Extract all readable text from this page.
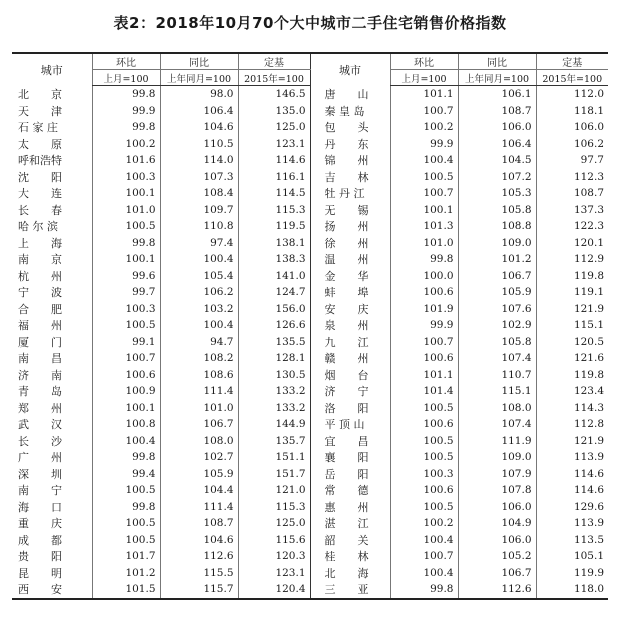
表2：2018年10月70个大中城市二手住宅销售价格指数
城市	环比	同比	定基	城市	环比	同比	定基
	上月=100	上年同月=100	2015年=100		上月=100	上年同月=100	2015年=100
北　　京	99.8	98.0	146.5	唐　　山	101.1	106.1	112.0
天　　津	99.9	106.4	135.0	秦 皇 岛	100.7	108.7	118.1
石 家 庄	99.8	104.6	125.0	包　　头	100.2	106.0	106.0
太　　原	100.2	110.5	123.1	丹　　东	99.9	106.4	106.2
呼和浩特	101.6	114.0	114.6	锦　　州	100.4	104.5	97.7
沈　　阳	100.3	107.3	116.1	吉　　林	100.5	107.2	112.3
大　　连	100.1	108.4	114.5	牡 丹 江	100.7	105.3	108.7
长　　春	101.0	109.7	115.3	无　　锡	100.1	105.8	137.3
哈 尔 滨	100.5	110.8	119.5	扬　　州	101.3	108.8	122.3
上　　海	99.8	97.4	138.1	徐　　州	101.0	109.0	120.1
南　　京	100.1	100.4	138.3	温　　州	99.8	101.2	112.9
杭　　州	99.6	105.4	141.0	金　　华	100.0	106.7	119.8
宁　　波	99.7	106.2	124.7	蚌　　埠	100.6	105.9	119.1
合　　肥	100.3	103.2	156.0	安　　庆	101.9	107.6	121.9
福　　州	100.5	100.4	126.6	泉　　州	99.9	102.9	115.1
厦　　门	99.1	94.7	135.5	九　　江	100.7	105.8	120.5
南　　昌	100.7	108.2	128.1	赣　　州	100.6	107.4	121.6
济　　南	100.6	108.6	130.5	烟　　台	101.1	110.7	119.8
青　　岛	100.9	111.4	133.2	济　　宁	101.4	115.1	123.4
郑　　州	100.1	101.0	133.2	洛　　阳	100.5	108.0	114.3
武　　汉	100.8	106.7	144.9	平 顶 山	100.6	107.4	112.8
长　　沙	100.4	108.0	135.7	宜　　昌	100.5	111.9	121.9
广　　州	99.8	102.7	151.1	襄　　阳	100.5	109.0	113.9
深　　圳	99.4	105.9	151.7	岳　　阳	100.3	107.9	114.6
南　　宁	100.5	104.4	121.0	常　　德	100.6	107.8	114.6
海　　口	99.8	111.4	115.3	惠　　州	100.5	106.0	129.6
重　　庆	100.5	108.7	125.0	湛　　江	100.2	104.9	113.9
成　　都	100.5	104.6	115.6	韶　　关	100.4	106.0	113.5
贵　　阳	101.7	112.6	120.3	桂　　林	100.7	105.2	105.1
昆　　明	101.2	115.5	123.1	北　　海	100.4	106.7	119.9
西　　安	101.5	115.7	120.4	三　　亚	99.8	112.6	118.0
